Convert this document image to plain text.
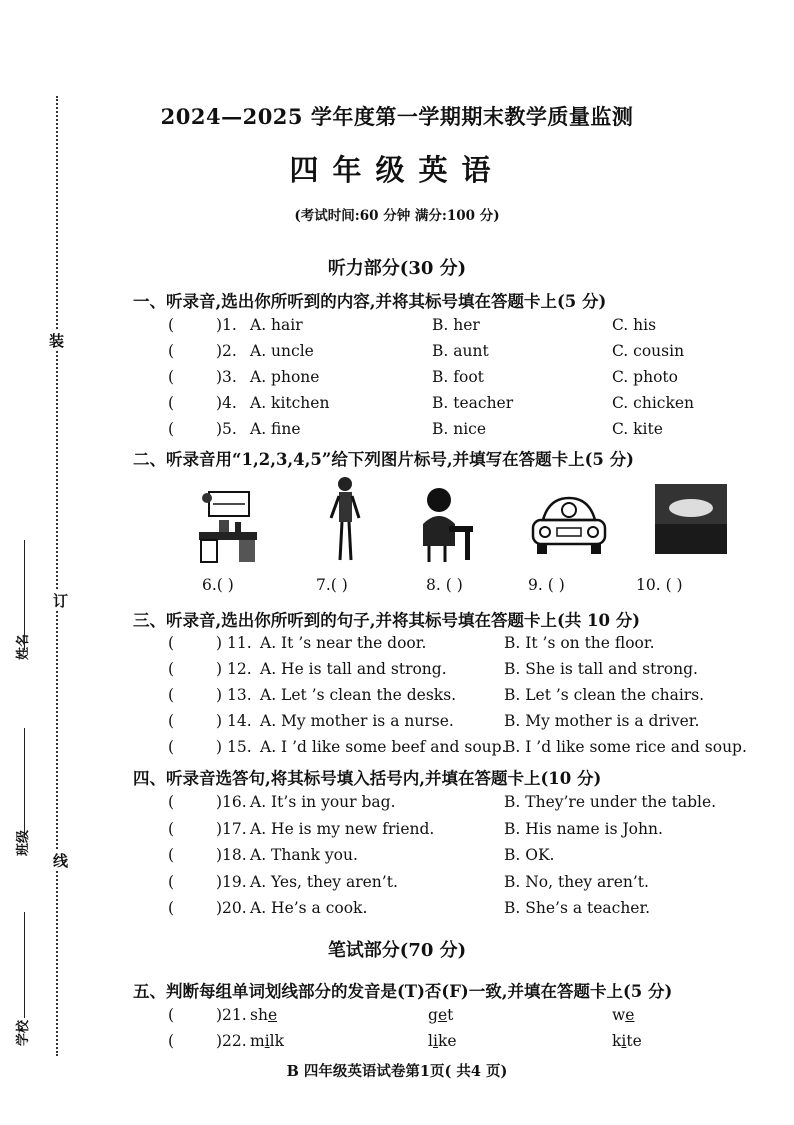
装
订
线
姓名
班级
学校
2024—2025 学年度第一学期期末教学质量监测
四年级英语
(考试时间:60 分钟 满分:100 分)
听力部分(30 分)
一、听录音,选出你所听到的内容,并将其标号填在答题卡上(5 分)
(	)1. A. hair	B. her	C. his
(	)2. A. uncle	B. aunt	C. cousin
(	)3. A. phone	B. foot	C. photo
(	)4. A. kitchen	B. teacher	C. chicken
(	)5. A. fine	B. nice	C. kite
二、听录音用“1,2,3,4,5”给下列图片标号,并填写在答题卡上(5 分)
6.( )	7.( )	8. ( )	9. ( )	10. ( )
三、听录音,选出你所听到的句子,并将其标号填在答题卡上(共 10 分)
(	) 11. A. It ’s near the door.	B. It ’s on the floor.
(	) 12. A. He is tall and strong.	B. She is tall and strong.
(	) 13. A. Let ’s clean the desks.	B. Let ’s clean the chairs.
(	) 14. A. My mother is a nurse.	B. My mother is a driver.
(	) 15. A. I ’d like some beef and soup.
B. I ’d like some rice and soup.
四、听录音选答句,将其标号填入括号内,并填在答题卡上(10 分)
(	)16. A. It’s in your bag.	B. They’re under the table.
(	)17. A. He is my new friend.	B. His name is John.
(	)18. A. Thank you.	B. OK.
(	)19. A. Yes, they aren’t.	B. No, they aren’t.
(	)20. A. He’s a cook.	B. She’s a teacher.
笔试部分(70 分)
五、判断每组单词划线部分的发音是(T)否(F)一致,并填在答题卡上(5 分)
(	)21. she	get	we
(	)22. milk	like	kite
B 四年级英语试卷第1页( 共4 页)
